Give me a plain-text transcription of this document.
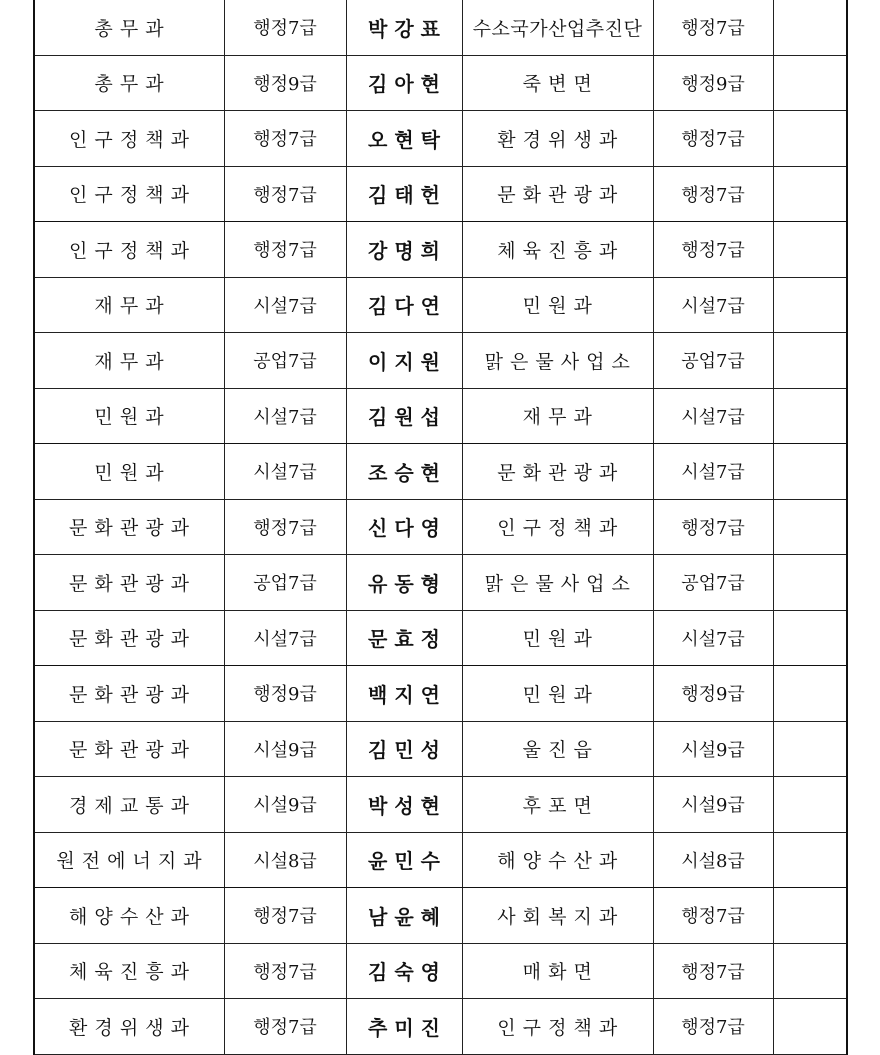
총 무 과	행정7급	박 강 표	수소국가산업추진단	행정7급	
총 무 과	행정9급	김 아 현	죽 변 면	행정9급	
인 구 정 책 과	행정7급	오 현 탁	환 경 위 생 과	행정7급	
인 구 정 책 과	행정7급	김 태 헌	문 화 관 광 과	행정7급	
인 구 정 책 과	행정7급	강 명 희	체 육 진 흥 과	행정7급	
재 무 과	시설7급	김 다 연	민 원 과	시설7급	
재 무 과	공업7급	이 지 원	맑 은 물 사 업 소	공업7급	
민 원 과	시설7급	김 원 섭	재 무 과	시설7급	
민 원 과	시설7급	조 승 현	문 화 관 광 과	시설7급	
문 화 관 광 과	행정7급	신 다 영	인 구 정 책 과	행정7급	
문 화 관 광 과	공업7급	유 동 형	맑 은 물 사 업 소	공업7급	
문 화 관 광 과	시설7급	문 효 정	민 원 과	시설7급	
문 화 관 광 과	행정9급	백 지 연	민 원 과	행정9급	
문 화 관 광 과	시설9급	김 민 성	울 진 읍	시설9급	
경 제 교 통 과	시설9급	박 성 현	후 포 면	시설9급	
원 전 에 너 지 과	시설8급	윤 민 수	해 양 수 산 과	시설8급	
해 양 수 산 과	행정7급	남 윤 혜	사 회 복 지 과	행정7급	
체 육 진 흥 과	행정7급	김 숙 영	매 화 면	행정7급	
환 경 위 생 과	행정7급	추 미 진	인 구 정 책 과	행정7급	
